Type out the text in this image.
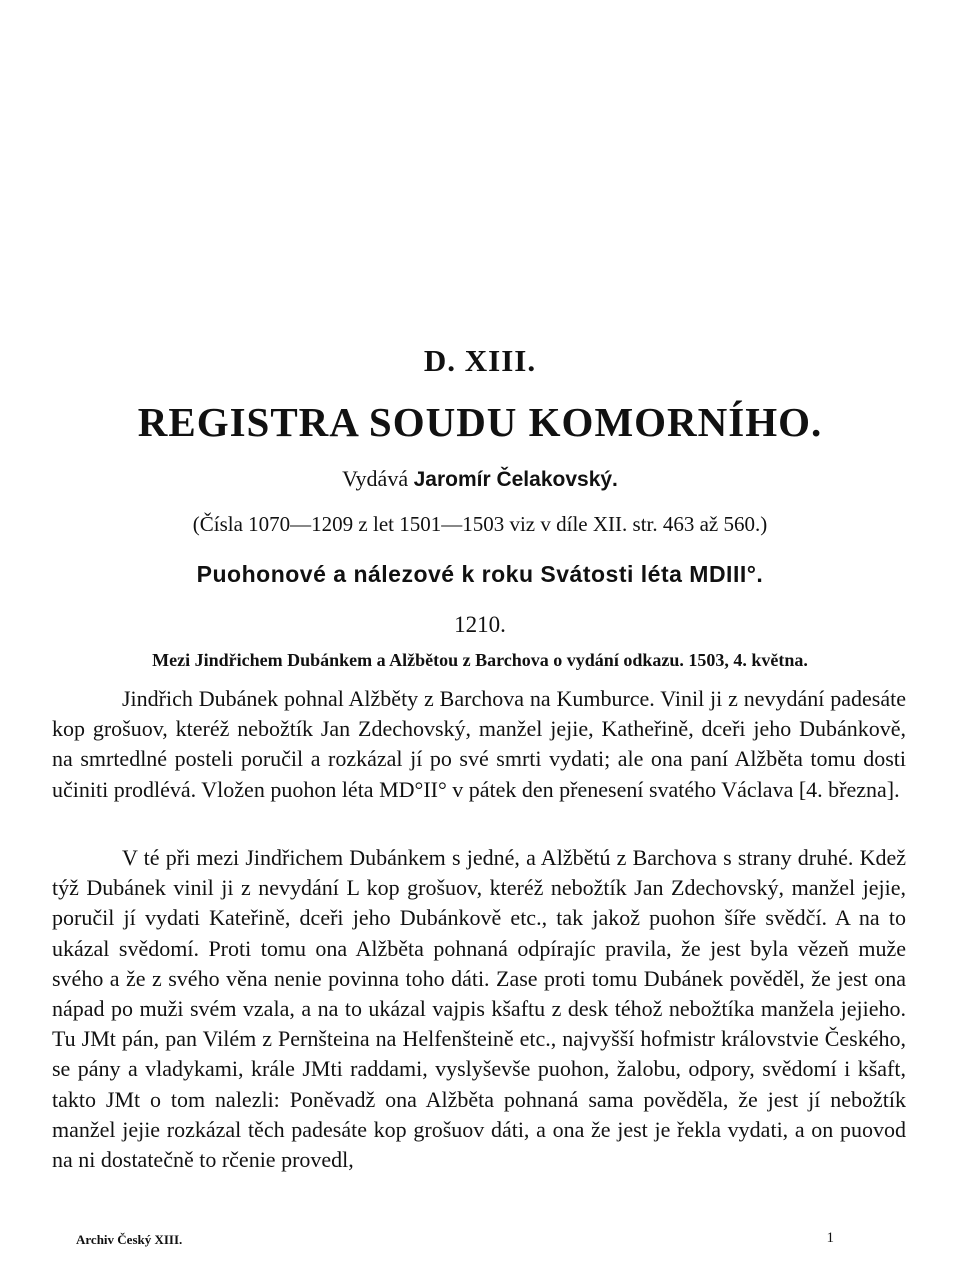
D. XIII.
REGISTRA SOUDU KOMORNÍHO.
Vydává Jaromír Čelakovský.
(Čísla 1070—1209 z let 1501—1503 viz v díle XII. str. 463 až 560.)
Puohonové a nálezové k roku Svátosti léta MDIII°.
1210.
Mezi Jindřichem Dubánkem a Alžbětou z Barchova o vydání odkazu. 1503, 4. května.

Jindřich Dubánek pohnal Alžběty z Barchova na Kumburce. Vinil ji z nevydání padesáte kop grošuov, kteréž nebožtík Jan Zdechovský, manžel jejie, Katheřině, dceři jeho Dubánkově, na smrtedlné posteli poručil a rozkázal jí po své smrti vydati; ale ona paní Alžběta tomu dosti učiniti prodlévá. Vložen puohon léta MD°II° v pátek den přenesení svatého Václava [4. března].

V té při mezi Jindřichem Dubánkem s jedné, a Alžbětú z Barchova s strany druhé. Kdež týž Dubánek vinil ji z nevydání L kop grošuov, kteréž nebožtík Jan Zdechovský, manžel jejie, poručil jí vydati Kateřině, dceři jeho Dubánkově etc., tak jakož puohon šíře svědčí. A na to ukázal svědomí. Proti tomu ona Alžběta pohnaná odpírajíc pravila, že jest byla vězeň muže svého a že z svého věna nenie povinna toho dáti. Zase proti tomu Dubánek pověděl, že jest ona nápad po muži svém vzala, a na to ukázal vajpis kšaftu z desk téhož nebožtíka manžela jejieho. Tu JMt pán, pan Vilém z Pernšteina na Helfenšteině etc., najvyšší hofmistr královstvie Českého, se pány a vladykami, krále JMti raddami, vyslyševše puohon, žalobu, odpory, svědomí i kšaft, takto JMt o tom nalezli: Poněvadž ona Alžběta pohnaná sama pověděla, že jest jí nebožtík manžel jejie rozkázal těch padesáte kop grošuov dáti, a ona že jest je řekla vydati, a on puovod na ni dostatečně to rčenie provedl,

Archiv Český XIII.	1
